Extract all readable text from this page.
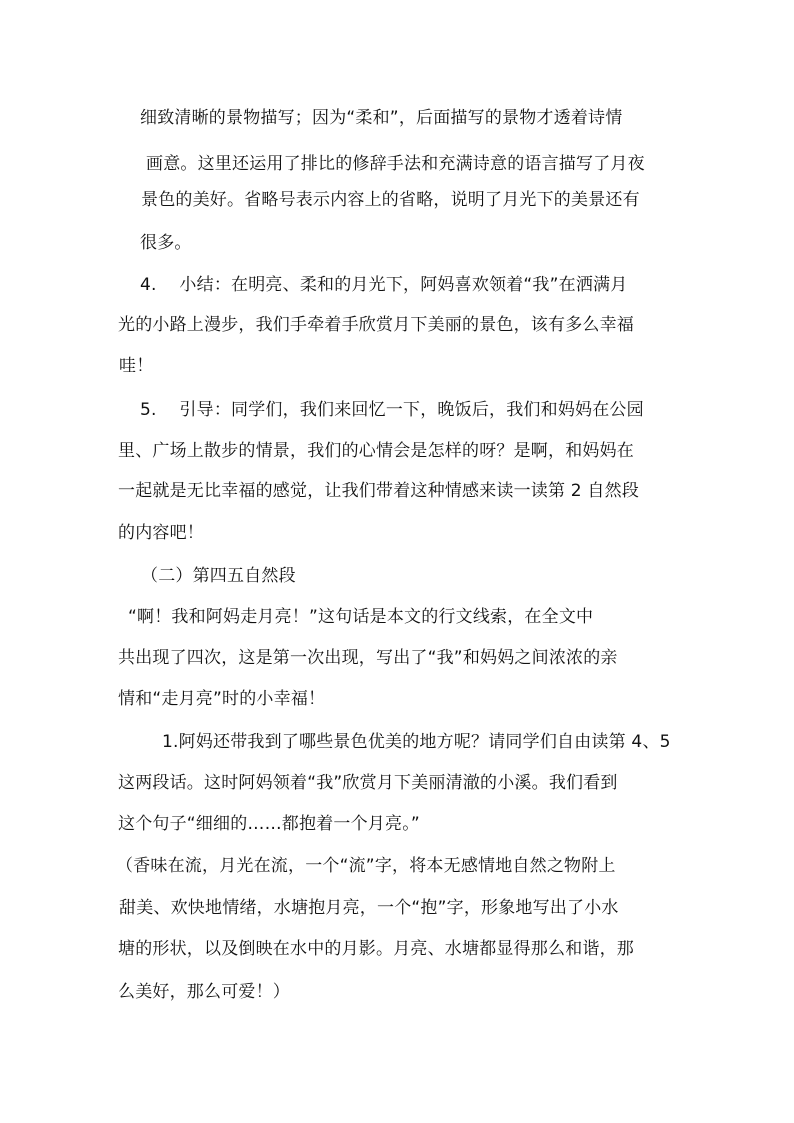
细致清晰的景物描写；因为“柔和”，后面描写的景物才透着诗情
画意。这里还运用了排比的修辞手法和充满诗意的语言描写了月夜
景色的美好。省略号表示内容上的省略，说明了月光下的美景还有
很多。
4.　 小结：在明亮、柔和的月光下，阿妈喜欢领着“我”在洒满月
光的小路上漫步，我们手牵着手欣赏月下美丽的景色，该有多么幸福
哇！
5.　 引导：同学们，我们来回忆一下，晚饭后，我们和妈妈在公园
里、广场上散步的情景，我们的心情会是怎样的呀？是啊，和妈妈在
一起就是无比幸福的感觉，让我们带着这种情感来读一读第 2 自然段
的内容吧！
（二）第四五自然段
“啊！我和阿妈走月亮！”这句话是本文的行文线索，在全文中
共出现了四次，这是第一次出现，写出了“我”和妈妈之间浓浓的亲
情和“走月亮”时的小幸福！
1.阿妈还带我到了哪些景色优美的地方呢？请同学们自由读第 4、5
这两段话。这时阿妈领着“我”欣赏月下美丽清澈的小溪。我们看到
这个句子“细细的……都抱着一个月亮。”
（香味在流，月光在流，一个“流”字，将本无感情地自然之物附上
甜美、欢快地情绪，水塘抱月亮，一个“抱”字，形象地写出了小水
塘的形状，以及倒映在水中的月影。月亮、水塘都显得那么和谐，那
么美好，那么可爱！）
